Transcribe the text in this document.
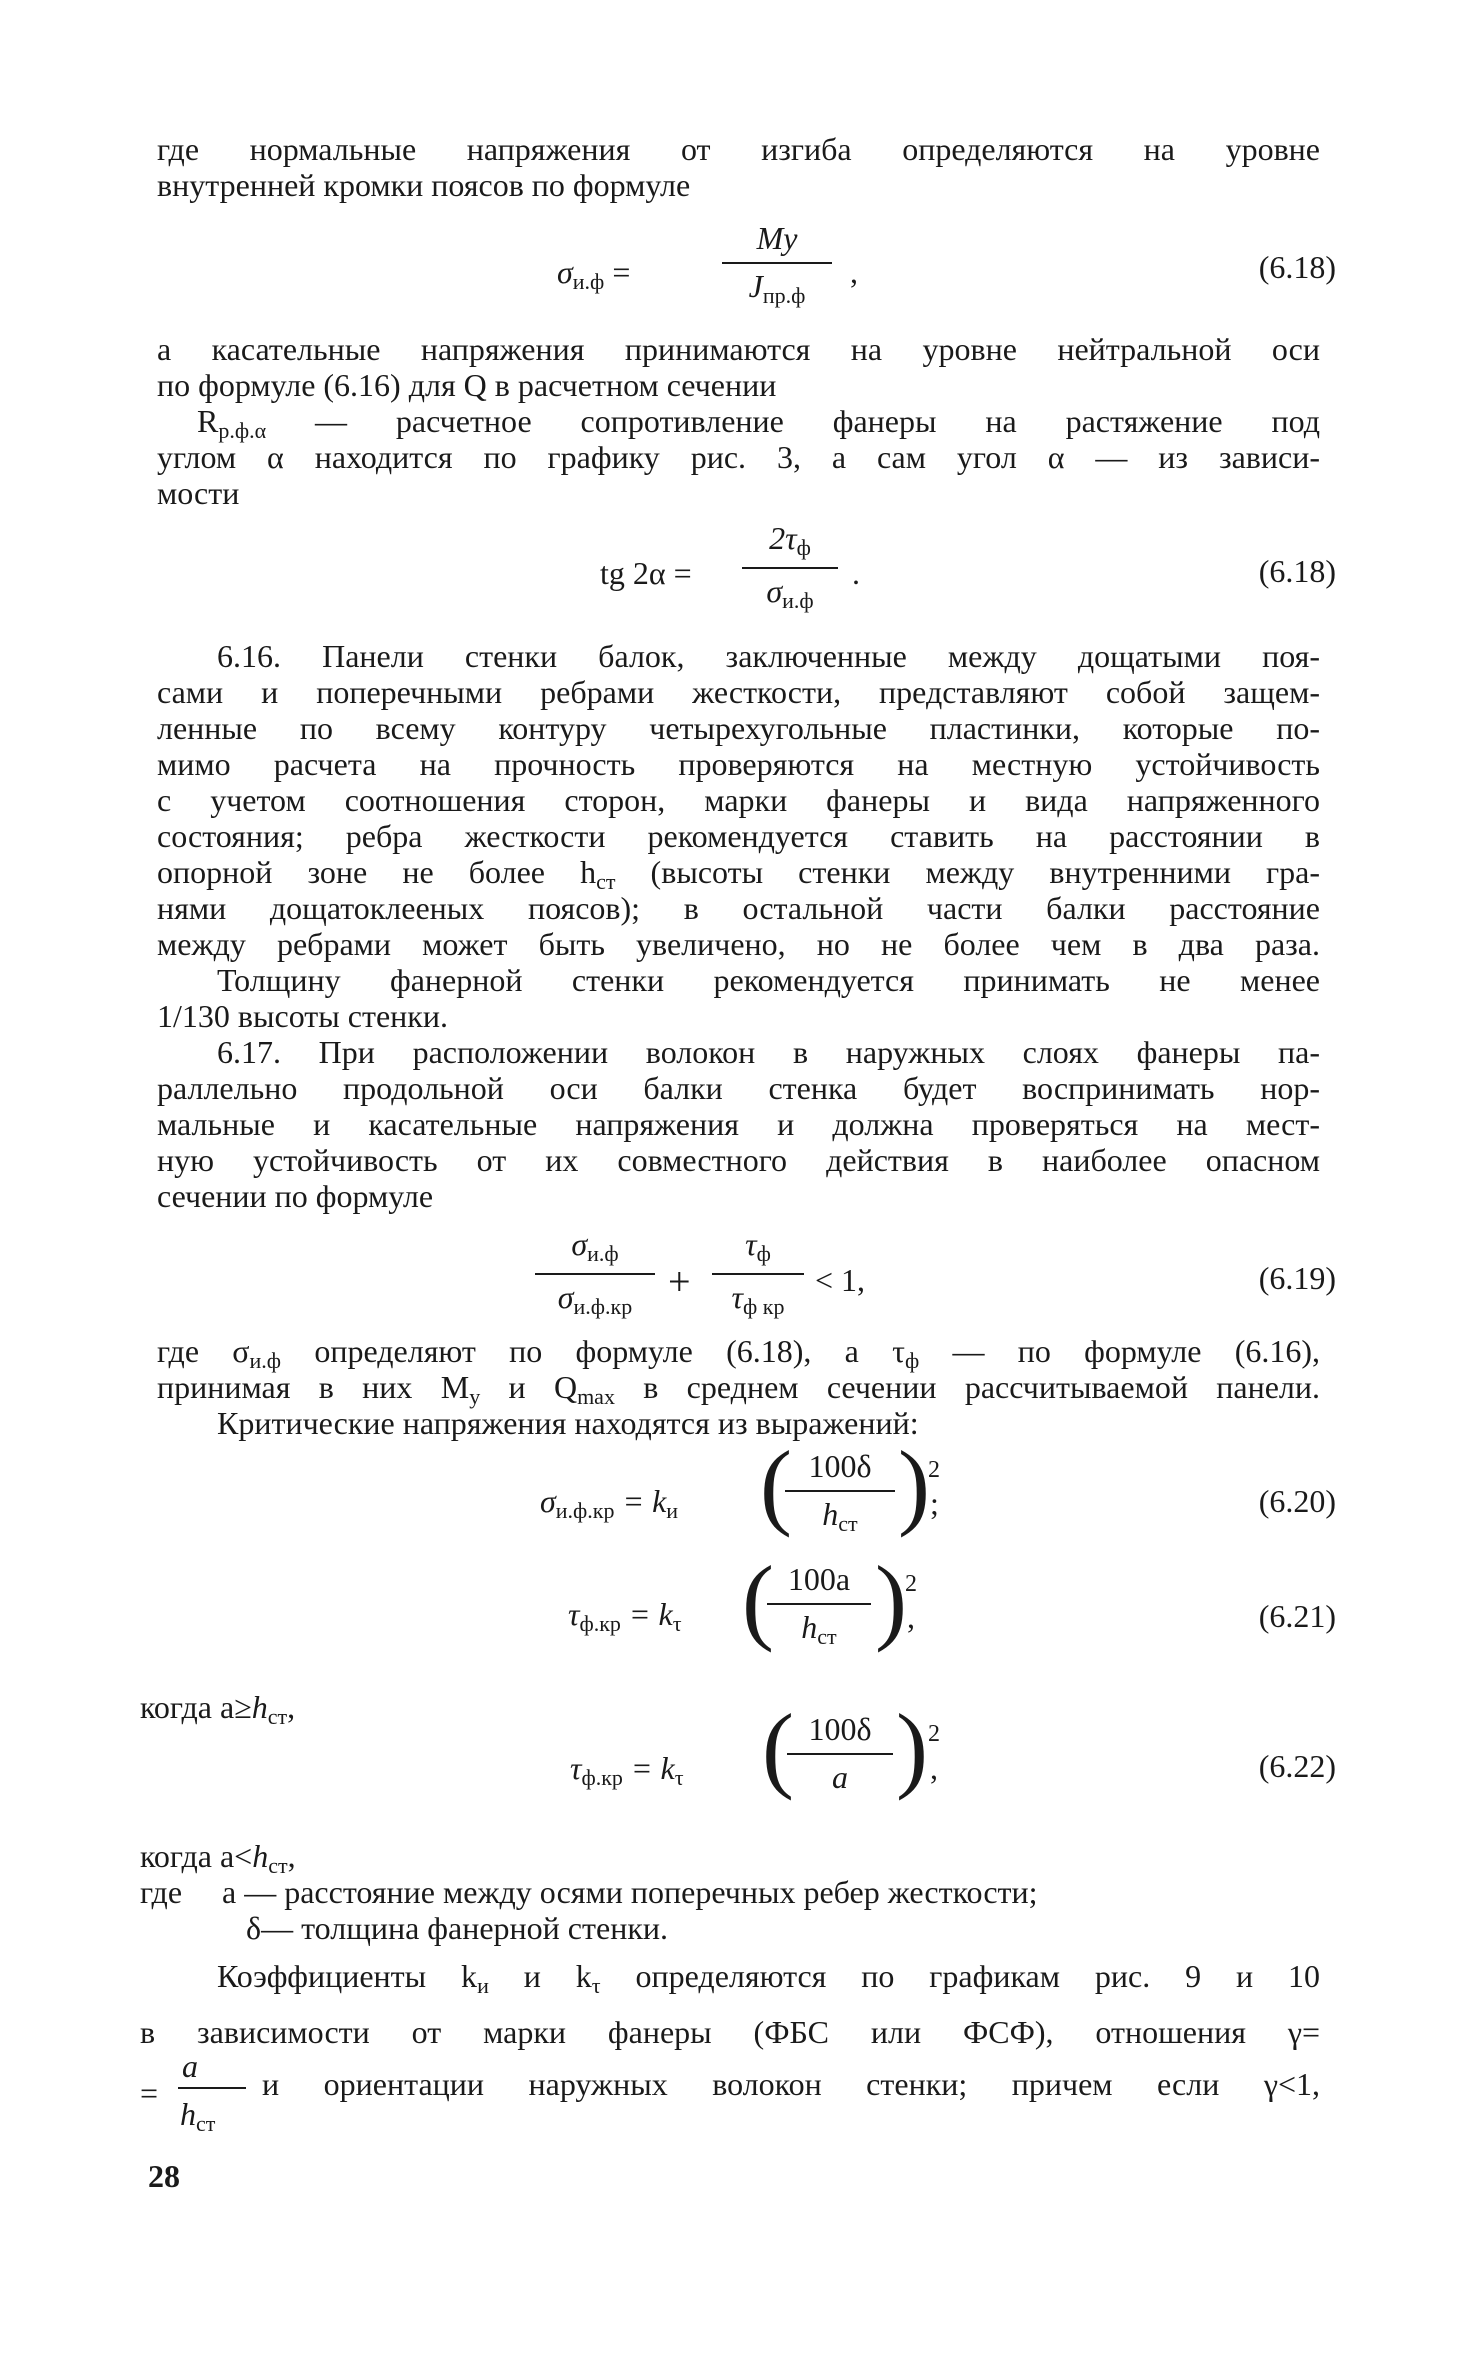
где нормальные напряжения от изгиба определяются на уровне
внутренней кромки поясов по формуле
$\sigma_{и.ф}$ =
My
$J_{пр.ф}$
,	(6.18)
а касательные напряжения принимаются на уровне нейтральной оси
по формуле (6.16) для Q в расчетном сечении
$R_{р.ф.\alpha}$ — расчетное сопротивление фанеры на растяжение под
углом α находится по графику рис. 3, а сам угол α — из зависи-
мости
tg 2α =
$2\tau_ф$
$\sigma_{и.ф}$
.	(6.18)
6.16. Панели стенки балок, заключенные между дощатыми поя-
сами и поперечными ребрами жесткости, представляют собой защем-
ленные по всему контуру четырехугольные пластинки, которые по-
мимо расчета на прочность проверяются на местную устойчивость
с учетом соотношения сторон, марки фанеры и вида напряженного
состояния; ребра жесткости рекомендуется ставить на расстоянии в
опорной зоне не более $h_{ст}$ (высоты стенки между внутренними гра-
нями дощатоклееных поясов); в остальной части балки расстояние
между ребрами может быть увеличено, но не более чем в два раза.
Толщину фанерной стенки рекомендуется принимать не менее
1/130 высоты стенки.
6.17. При расположении волокон в наружных слоях фанеры па-
раллельно продольной оси балки стенка будет воспринимать нор-
мальные и касательные напряжения и должна проверяться на мест-
ную устойчивость от их совместного действия в наиболее опасном
сечении по формуле
$\sigma_{и.ф}$
$\sigma_{и.ф.кр}$
+
$\tau_ф$
$\tau_{ф кр}$
< 1,	(6.19)
где $\sigma_{и.ф}$ определяют по формуле (6.18), а $\tau_ф$ — по формуле (6.16),
принимая в них $M_y$ и $Q_{max}$ в среднем сечении рассчитываемой панели.
Критические напряжения находятся из выражений:
$\sigma_{и.ф.кр} = k_и$ ( 100δ
$h_{ст}$ )
2
;	(6.20)
$\tau_{ф.кр} = k_\tau$ ( 100a
$h_{ст}$ )
2
,	(6.21)
когда $a\ge h_{ст}$,
$\tau_{ф.кр} = k_\tau$ ( 100δ
a ) 2
,	(6.22)
когда $a<h_{ст}$,
где a — расстояние между осями поперечных ребер жесткости;
δ— толщина фанерной стенки.
Коэффициенты $k_и$ и $k_\tau$ определяются по графикам рис. 9 и 10
в зависимости от марки фанеры (ФБС или ФСФ), отношения γ=
a
=
$h_{ст}$
и ориентации наружных волокон стенки; причем если γ<1,
28
